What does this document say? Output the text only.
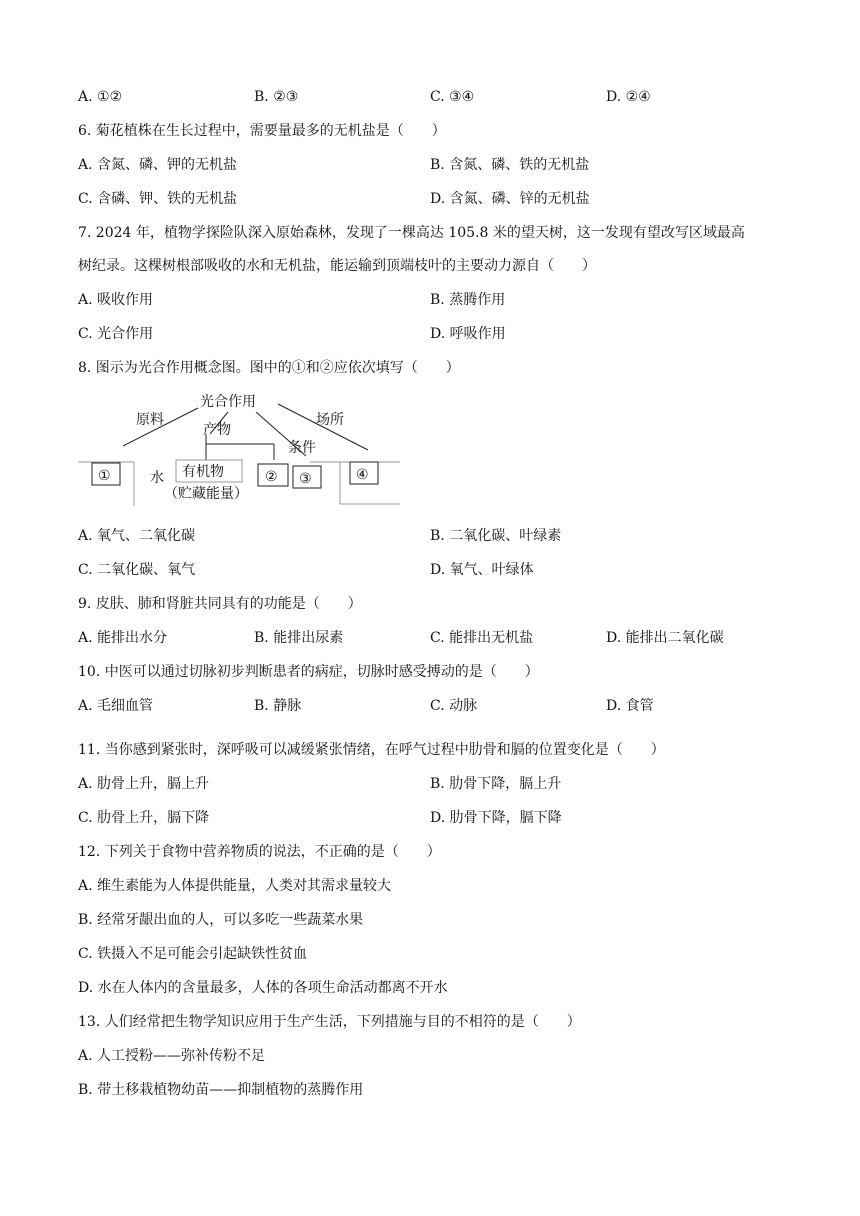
A. ①②	B. ②③	C. ③④	D. ②④
6. 菊花植株在生长过程中，需要量最多的无机盐是（　　）
A. 含氮、磷、钾的无机盐	B. 含氮、磷、铁的无机盐
C. 含磷、钾、铁的无机盐	D. 含氮、磷、锌的无机盐
7. 2024 年，植物学探险队深入原始森林，发现了一棵高达 105.8 米的望天树，这一发现有望改写区域最高
树纪录。这棵树根部吸收的水和无机盐，能运输到顶端枝叶的主要动力源自（　　）
A. 吸收作用	B. 蒸腾作用
C. 光合作用	D. 呼吸作用
8. 图示为光合作用概念图。图中的①和②应依次填写（　　）
光合作用
原料
产物
条件
场所
①	水 有机物
（贮藏能量）
② ③	④
A. 氧气、二氧化碳	B. 二氧化碳、叶绿素
C. 二氧化碳、氧气	D. 氧气、叶绿体
9. 皮肤、肺和肾脏共同具有的功能是（　　）
A. 能排出水分	B. 能排出尿素	C. 能排出无机盐	D. 能排出二氧化碳
10. 中医可以通过切脉初步判断患者的病症，切脉时感受搏动的是（　　）
A. 毛细血管	B. 静脉	C. 动脉	D. 食管
11. 当你感到紧张时，深呼吸可以减缓紧张情绪，在呼气过程中肋骨和膈的位置变化是（　　）
A. 肋骨上升，膈上升	B. 肋骨下降，膈上升
C. 肋骨上升，膈下降	D. 肋骨下降，膈下降
12. 下列关于食物中营养物质的说法，不正确的是（　　）
A. 维生素能为人体提供能量，人类对其需求量较大
B. 经常牙龈出血的人，可以多吃一些蔬菜水果
C. 铁摄入不足可能会引起缺铁性贫血
D. 水在人体内的含量最多，人体的各项生命活动都离不开水
13. 人们经常把生物学知识应用于生产生活，下列措施与目的不相符的是（　　）
A. 人工授粉——弥补传粉不足
B. 带土移栽植物幼苗——抑制植物的蒸腾作用
